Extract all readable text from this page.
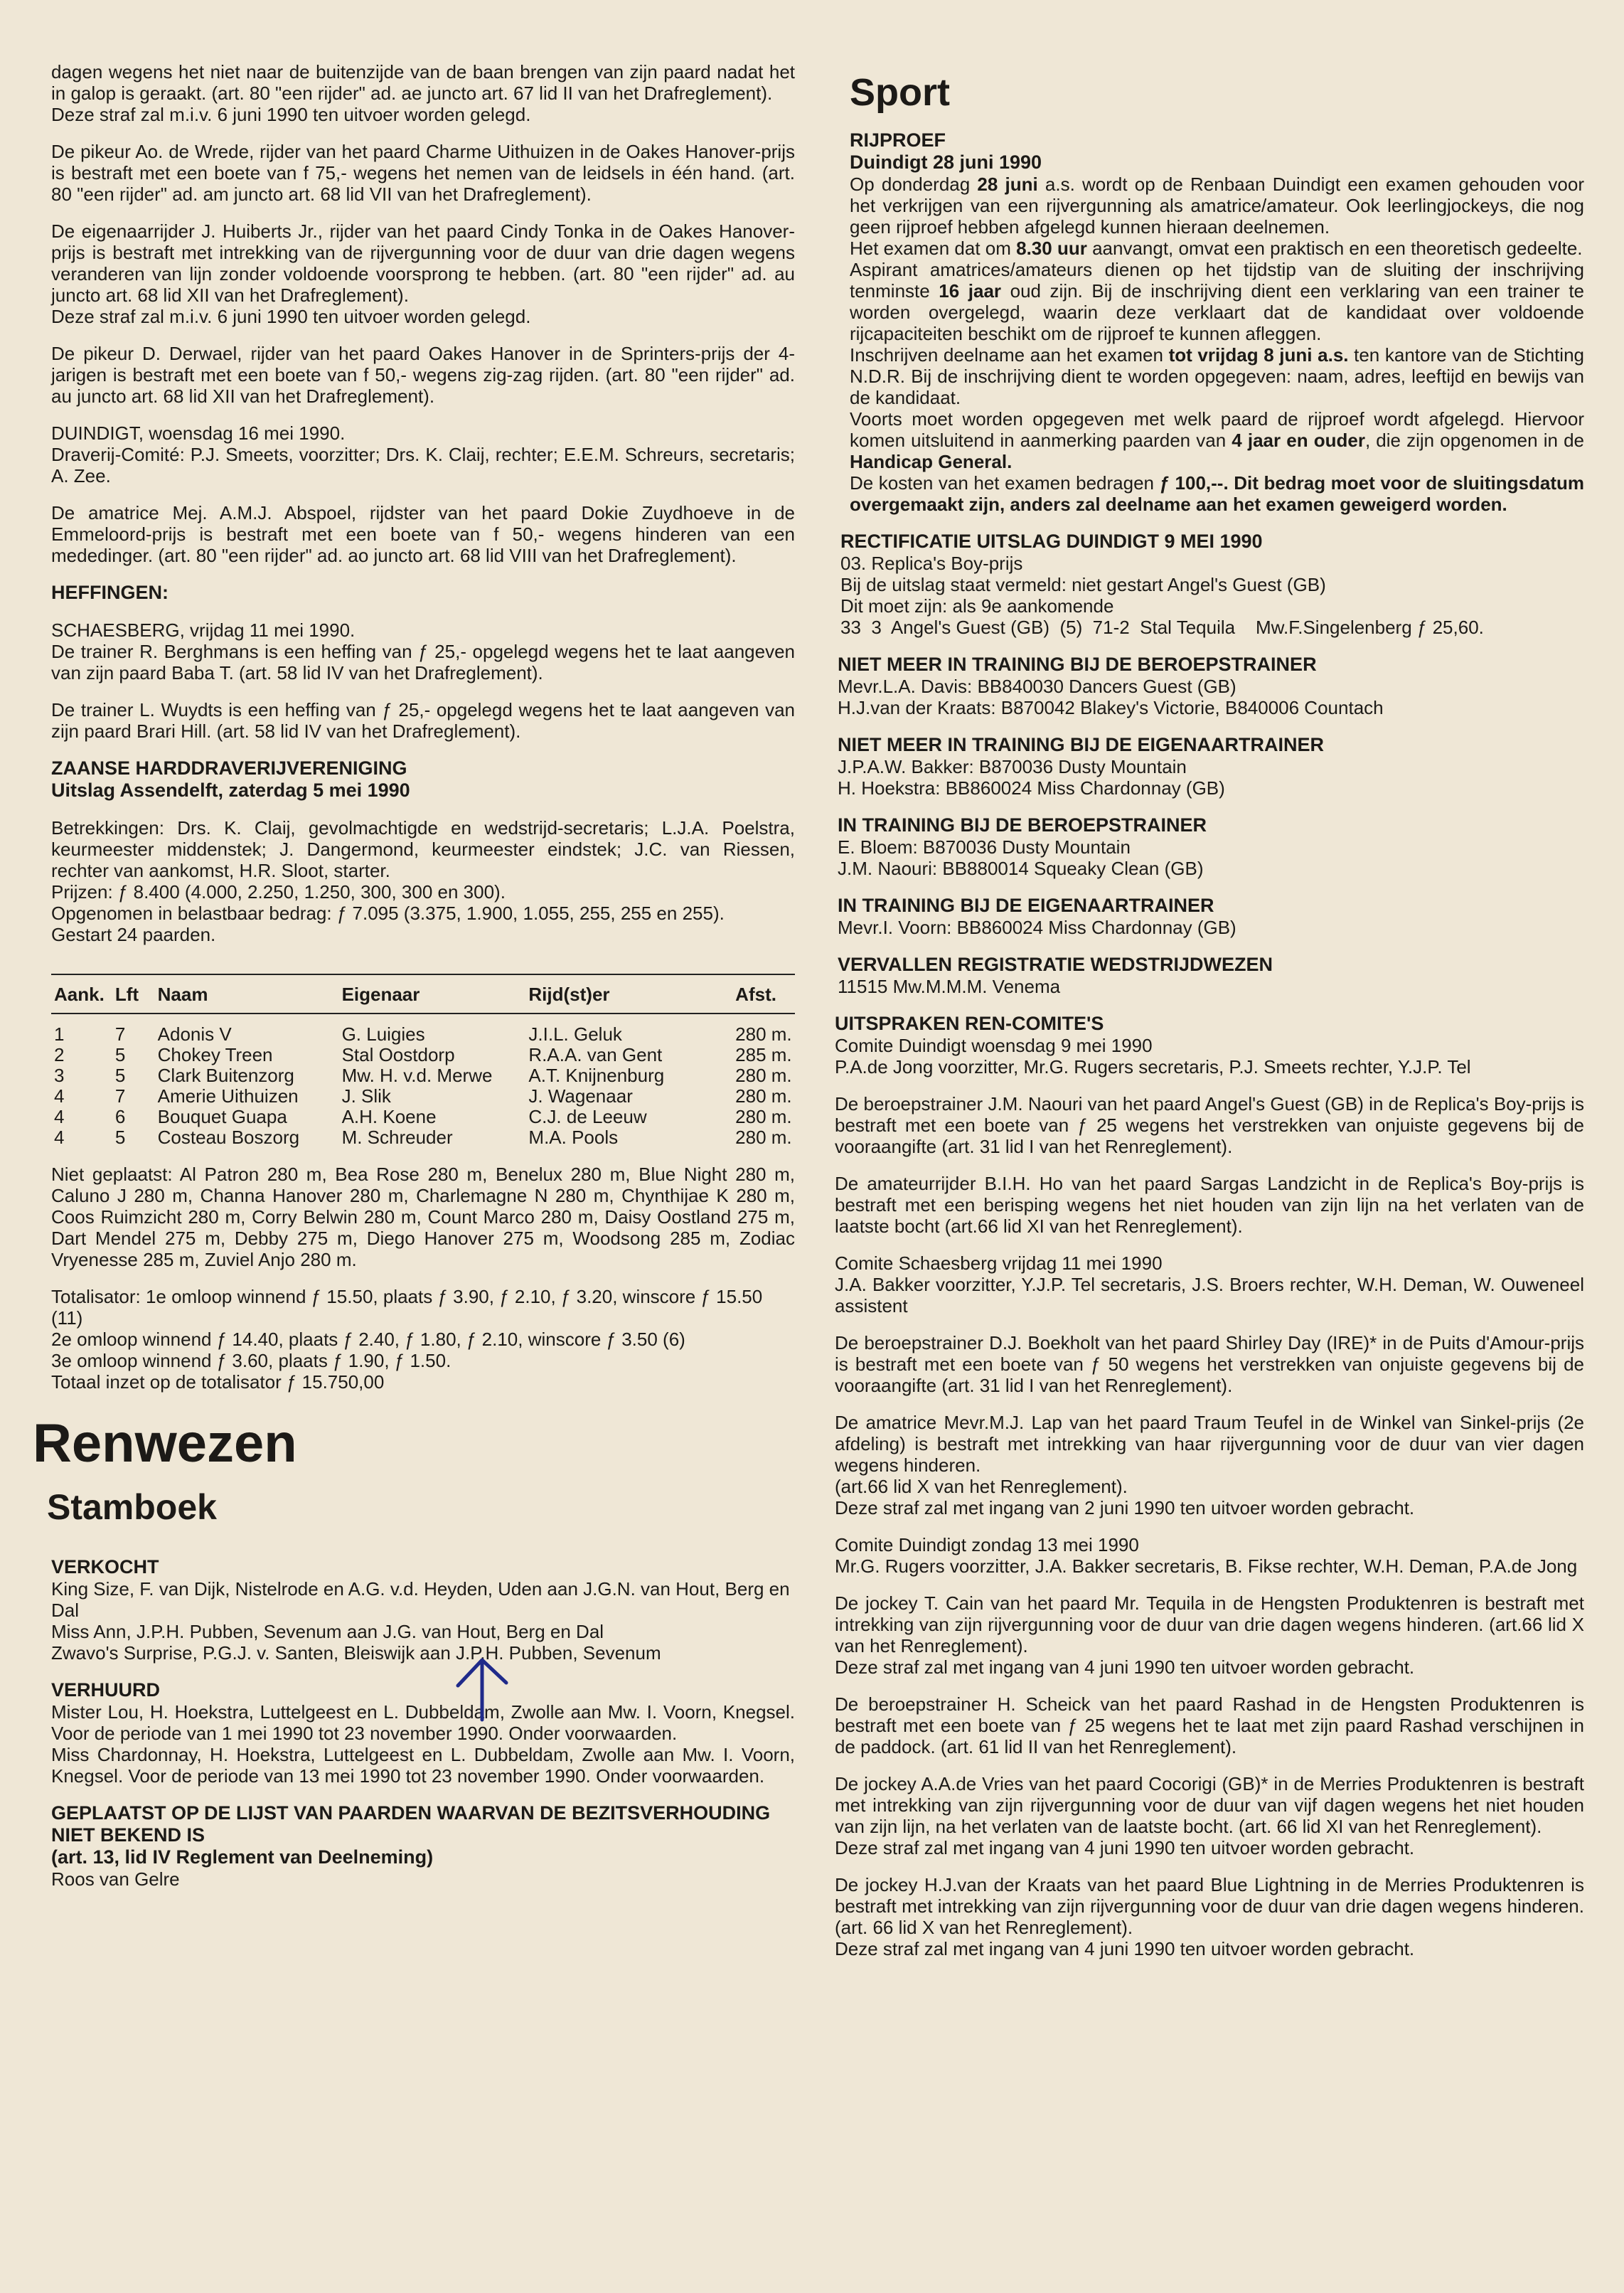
dagen wegens het niet naar de buitenzijde van de baan brengen van zijn paard nadat het in galop is geraakt. (art. 80 "een rijder" ad. ae juncto art. 67 lid II van het Drafreglement).

Deze straf zal m.i.v. 6 juni 1990 ten uitvoer worden gelegd.

De pikeur Ao. de Wrede, rijder van het paard Charme Uithuizen in de Oakes Hanover-prijs is bestraft met een boete van f 75,- wegens het nemen van de leidsels in één hand. (art. 80 "een rijder" ad. am juncto art. 68 lid VII van het Drafreglement).

De eigenaarrijder J. Huiberts Jr., rijder van het paard Cindy Tonka in de Oakes Hanover-prijs is bestraft met intrekking van de rijvergunning voor de duur van drie dagen wegens veranderen van lijn zonder voldoende voorsprong te hebben. (art. 80 "een rijder" ad. au juncto art. 68 lid XII van het Drafreglement).

Deze straf zal m.i.v. 6 juni 1990 ten uitvoer worden gelegd.

De pikeur D. Derwael, rijder van het paard Oakes Hanover in de Sprinters-prijs der 4-jarigen is bestraft met een boete van f 50,- wegens zig-zag rijden. (art. 80 "een rijder" ad. au juncto art. 68 lid XII van het Drafreglement).

DUINDIGT, woensdag 16 mei 1990.

Draverij-Comité: P.J. Smeets, voorzitter; Drs. K. Claij, rechter; E.E.M. Schreurs, secretaris; A. Zee.

De amatrice Mej. A.M.J. Abspoel, rijdster van het paard Dokie Zuydhoeve in de Emmeloord-prijs is bestraft met een boete van f 50,- wegens hinderen van een mededinger. (art. 80 "een rijder" ad. ao juncto art. 68 lid VIII van het Drafreglement).

HEFFINGEN:

SCHAESBERG, vrijdag 11 mei 1990.

De trainer R. Berghmans is een heffing van ƒ 25,- opgelegd wegens het te laat aangeven van zijn paard Baba T. (art. 58 lid IV van het Drafreglement).

De trainer L. Wuydts is een heffing van ƒ 25,- opgelegd wegens het te laat aangeven van zijn paard Brari Hill. (art. 58 lid IV van het Drafreglement).

ZAANSE HARDDRAVERIJVERENIGING

Uitslag Assendelft, zaterdag 5 mei 1990

Betrekkingen: Drs. K. Claij, gevolmachtigde en wedstrijd-secretaris; L.J.A. Poelstra, keurmeester middenstek; J. Dangermond, keurmeester eindstek; J.C. van Riessen, rechter van aankomst, H.R. Sloot, starter.

Prijzen: ƒ 8.400 (4.000, 2.250, 1.250, 300, 300 en 300).

Opgenomen in belastbaar bedrag: ƒ 7.095 (3.375, 1.900, 1.055, 255, 255 en 255).

Gestart 24 paarden.

Aank.	Lft	Naam	Eigenaar	Rijd(st)er	Afst.
1	7	Adonis V	G. Luigies	J.I.L. Geluk	280 m.
2	5	Chokey Treen	Stal Oostdorp	R.A.A. van Gent	285 m.
3	5	Clark Buitenzorg	Mw. H. v.d. Merwe	A.T. Knijnenburg	280 m.
4	7	Amerie Uithuizen	J. Slik	J. Wagenaar	280 m.
4	6	Bouquet Guapa	A.H. Koene	C.J. de Leeuw	280 m.
4	5	Costeau Boszorg	M. Schreuder	M.A. Pools	280 m.

Niet geplaatst: Al Patron 280 m, Bea Rose 280 m, Benelux 280 m, Blue Night 280 m, Caluno J 280 m, Channa Hanover 280 m, Charlemagne N 280 m, Chynthijae K 280 m, Coos Ruimzicht 280 m, Corry Belwin 280 m, Count Marco 280 m, Daisy Oostland 275 m, Dart Mendel 275 m, Debby 275 m, Diego Hanover 275 m, Woodsong 285 m, Zodiac Vryenesse 285 m, Zuviel Anjo 280 m.

Totalisator: 1e omloop winnend ƒ 15.50, plaats ƒ 3.90, ƒ 2.10, ƒ 3.20, winscore ƒ 15.50 (11)

2e omloop winnend ƒ 14.40, plaats ƒ 2.40, ƒ 1.80, ƒ 2.10, winscore ƒ 3.50 (6)

3e omloop winnend ƒ 3.60, plaats ƒ 1.90, ƒ 1.50.

Totaal inzet op de totalisator ƒ 15.750,00

Renwezen
Stamboek

VERKOCHT

King Size, F. van Dijk, Nistelrode en A.G. v.d. Heyden, Uden aan J.G.N. van Hout, Berg en Dal

Miss Ann, J.P.H. Pubben, Sevenum aan J.G. van Hout, Berg en Dal

Zwavo's Surprise, P.G.J. v. Santen, Bleiswijk aan J.P.H. Pubben, Sevenum

VERHUURD

Mister Lou, H. Hoekstra, Luttelgeest en L. Dubbeldam, Zwolle aan Mw. I. Voorn, Knegsel. Voor de periode van 1 mei 1990 tot 23 november 1990. Onder voorwaarden.

Miss Chardonnay, H. Hoekstra, Luttelgeest en L. Dubbeldam, Zwolle aan Mw. I. Voorn, Knegsel. Voor de periode van 13 mei 1990 tot 23 november 1990. Onder voorwaarden.

GEPLAATST OP DE LIJST VAN PAARDEN WAARVAN DE BEZITSVERHOUDING NIET BEKEND IS

(art. 13, lid IV Reglement van Deelneming)

Roos van Gelre

Sport

RIJPROEF

Duindigt 28 juni 1990

Op donderdag 28 juni a.s. wordt op de Renbaan Duindigt een examen gehouden voor het verkrijgen van een rijvergunning als amatrice/amateur. Ook leerlingjockeys, die nog geen rijproef hebben afgelegd kunnen hieraan deelnemen.

Het examen dat om 8.30 uur aanvangt, omvat een praktisch en een theoretisch gedeelte.

Aspirant amatrices/amateurs dienen op het tijdstip van de sluiting der inschrijving tenminste 16 jaar oud zijn. Bij de inschrijving dient een verklaring van een trainer te worden overgelegd, waarin deze verklaart dat de kandidaat over voldoende rijcapaciteiten beschikt om de rijproef te kunnen afleggen.

Inschrijven deelname aan het examen tot vrijdag 8 juni a.s. ten kantore van de Stichting N.D.R. Bij de inschrijving dient te worden opgegeven: naam, adres, leeftijd en bewijs van de kandidaat.

Voorts moet worden opgegeven met welk paard de rijproef wordt afgelegd. Hiervoor komen uitsluitend in aanmerking paarden van 4 jaar en ouder, die zijn opgenomen in de Handicap General.

De kosten van het examen bedragen ƒ 100,--. Dit bedrag moet voor de sluitingsdatum overgemaakt zijn, anders zal deelname aan het examen geweigerd worden.

RECTIFICATIE UITSLAG DUINDIGT 9 MEI 1990

03. Replica's Boy-prijs

Bij de uitslag staat vermeld: niet gestart Angel's Guest (GB)

Dit moet zijn: als 9e aankomende

33  3  Angel's Guest (GB)  (5)  71-2  Stal Tequila    Mw.F.Singelenberg ƒ 25,60.

NIET MEER IN TRAINING BIJ DE BEROEPSTRAINER

Mevr.L.A. Davis: BB840030 Dancers Guest (GB)

H.J.van der Kraats: B870042 Blakey's Victorie, B840006 Countach

NIET MEER IN TRAINING BIJ DE EIGENAARTRAINER

J.P.A.W. Bakker: B870036 Dusty Mountain

H. Hoekstra: BB860024 Miss Chardonnay (GB)

IN TRAINING BIJ DE BEROEPSTRAINER

E. Bloem: B870036 Dusty Mountain

J.M. Naouri: BB880014 Squeaky Clean (GB)

IN TRAINING BIJ DE EIGENAARTRAINER

Mevr.I. Voorn: BB860024 Miss Chardonnay (GB)

VERVALLEN REGISTRATIE WEDSTRIJDWEZEN

11515 Mw.M.M.M. Venema

UITSPRAKEN REN-COMITE'S

Comite Duindigt woensdag 9 mei 1990
P.A.de Jong voorzitter, Mr.G. Rugers secretaris, P.J. Smeets rechter, Y.J.P. Tel

De beroepstrainer J.M. Naouri van het paard Angel's Guest (GB) in de Replica's Boy-prijs is bestraft met een boete van ƒ 25 wegens het verstrekken van onjuiste gegevens bij de vooraangifte (art. 31 lid I van het Renreglement).

De amateurrijder B.I.H. Ho van het paard Sargas Landzicht in de Replica's Boy-prijs is bestraft met een berisping wegens het niet houden van zijn lijn na het verlaten van de laatste bocht (art.66 lid XI van het Renreglement).

Comite Schaesberg vrijdag 11 mei 1990
J.A. Bakker voorzitter, Y.J.P. Tel secretaris, J.S. Broers rechter, W.H. Deman, W. Ouweneel assistent

De beroepstrainer D.J. Boekholt van het paard Shirley Day (IRE)* in de Puits d'Amour-prijs is bestraft met een boete van ƒ 50 wegens het verstrekken van onjuiste gegevens bij de vooraangifte (art. 31 lid I van het Renreglement).

De amatrice Mevr.M.J. Lap van het paard Traum Teufel in de Winkel van Sinkel-prijs (2e afdeling) is bestraft met intrekking van haar rijvergunning voor de duur van vier dagen wegens hinderen.
(art.66 lid X van het Renreglement).
Deze straf zal met ingang van 2 juni 1990 ten uitvoer worden gebracht.

Comite Duindigt zondag 13 mei 1990
Mr.G. Rugers voorzitter, J.A. Bakker secretaris, B. Fikse rechter, W.H. Deman, P.A.de Jong

De jockey T. Cain van het paard Mr. Tequila in de Hengsten Produktenren is bestraft met intrekking van zijn rijvergunning voor de duur van drie dagen wegens hinderen. (art.66 lid X van het Renreglement).
Deze straf zal met ingang van 4 juni 1990 ten uitvoer worden gebracht.

De beroepstrainer H. Scheick van het paard Rashad in de Hengsten Produktenren is bestraft met een boete van ƒ 25 wegens het te laat met zijn paard Rashad verschijnen in de paddock. (art. 61 lid II van het Renreglement).

De jockey A.A.de Vries van het paard Cocorigi (GB)* in de Merries Produktenren is bestraft met intrekking van zijn rijvergunning voor de duur van vijf dagen wegens het niet houden van zijn lijn, na het verlaten van de laatste bocht. (art. 66 lid XI van het Renreglement).
Deze straf zal met ingang van 4 juni 1990 ten uitvoer worden gebracht.

De jockey H.J.van der Kraats van het paard Blue Lightning in de Merries Produktenren is bestraft met intrekking van zijn rijvergunning voor de duur van drie dagen wegens hinderen. (art. 66 lid X van het Renreglement).
Deze straf zal met ingang van 4 juni 1990 ten uitvoer worden gebracht.
